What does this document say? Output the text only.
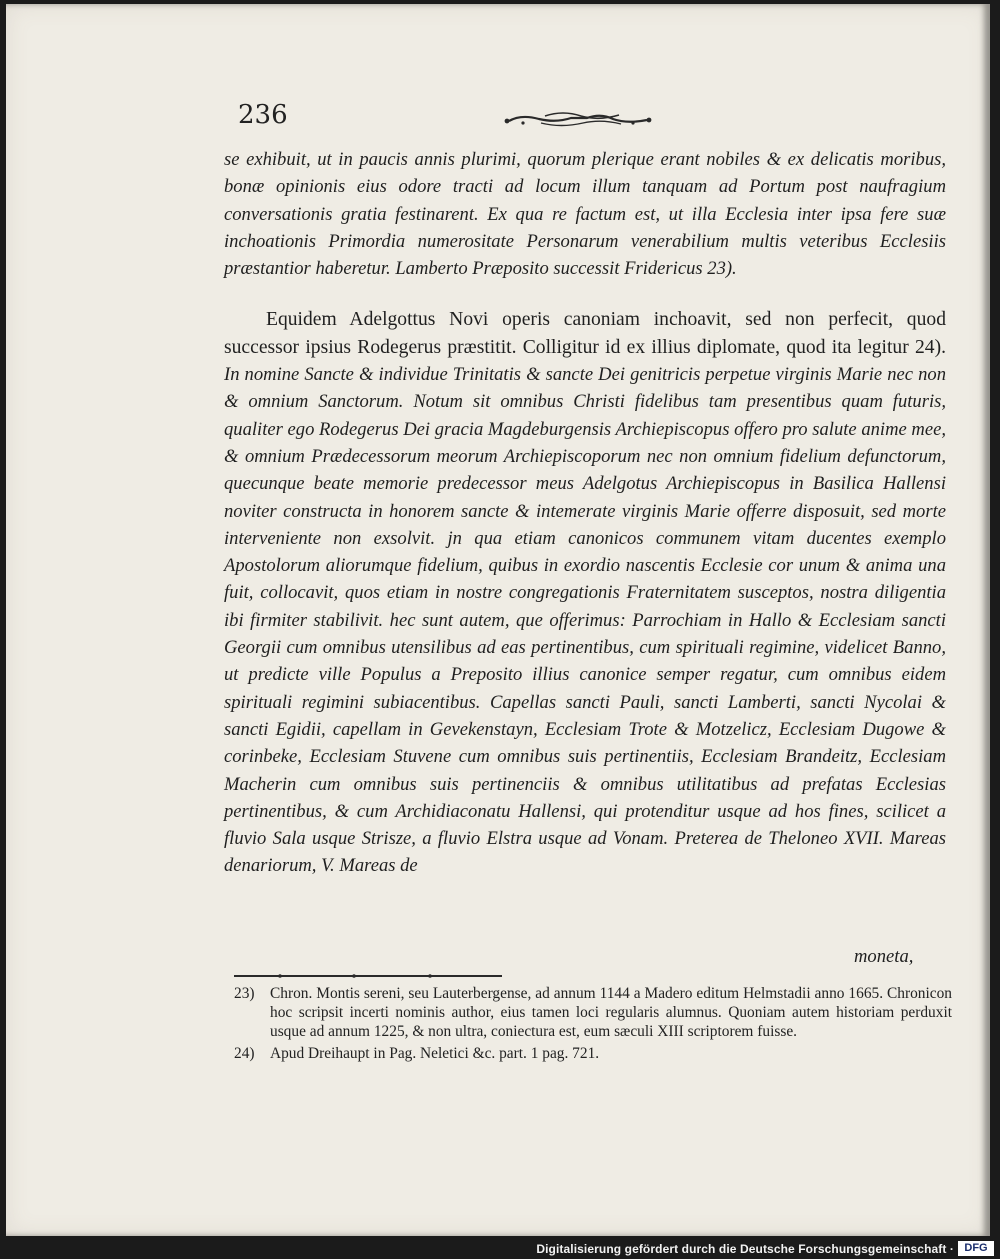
236

se exhibuit, ut in paucis annis plurimi, quorum plerique erant nobiles & ex delicatis moribus, bonæ opinionis eius odore tracti ad locum illum tanquam ad Portum post naufragium conversationis gratia festinarent. Ex qua re factum est, ut illa Ecclesia inter ipsa fere suæ inchoationis Primordia numerositate Personarum venerabilium multis veteribus Ecclesiis præstantior haberetur. Lamberto Præposito successit Fridericus 23).

Equidem Adelgottus Novi operis canoniam inchoavit, sed non perfecit, quod successor ipsius Rodegerus præstitit. Colligitur id ex illius diplomate, quod ita legitur 24). In nomine Sancte & individue Trinitatis & sancte Dei genitricis perpetue virginis Marie nec non & omnium Sanctorum. Notum sit omnibus Christi fidelibus tam presentibus quam futuris, qualiter ego Rodegerus Dei gracia Magdeburgensis Archiepiscopus offero pro salute anime mee, & omnium Prædecessorum meorum Archiepiscoporum nec non omnium fidelium defunctorum, quecunque beate memorie predecessor meus Adelgotus Archiepiscopus in Basilica Hallensi noviter constructa in honorem sancte & intemerate virginis Marie offerre disposuit, sed morte interveniente non exsolvit. jn qua etiam canonicos communem vitam ducentes exemplo Apostolorum aliorumque fidelium, quibus in exordio nascentis Ecclesie cor unum & anima una fuit, collocavit, quos etiam in nostre congregationis Fraternitatem susceptos, nostra diligentia ibi firmiter stabilivit. hec sunt autem, que offerimus: Parrochiam in Hallo & Ecclesiam sancti Georgii cum omnibus utensilibus ad eas pertinentibus, cum spirituali regimine, videlicet Banno, ut predicte ville Populus a Preposito illius canonice semper regatur, cum omnibus eidem spirituali regimini subiacentibus. Capellas sancti Pauli, sancti Lamberti, sancti Nycolai & sancti Egidii, capellam in Gevekenstayn, Ecclesiam Trote & Motzelicz, Ecclesiam Dugowe & corinbeke, Ecclesiam Stuvene cum omnibus suis pertinentiis, Ecclesiam Brandeitz, Ecclesiam Macherin cum omnibus suis pertinenciis & omnibus utilitatibus ad prefatas Ecclesias pertinentibus, & cum Archidiaconatu Hallensi, qui protenditur usque ad hos fines, scilicet a fluvio Sala usque Strisze, a fluvio Elstra usque ad Vonam. Preterea de Theloneo XVII. Mareas denariorum, V. Mareas de

moneta,
23)	Chron. Montis sereni, seu Lauterbergense, ad annum 1144 a Madero editum Helmstadii anno 1665. Chronicon hoc scripsit incerti nominis author, eius tamen loci regularis alumnus. Quoniam autem historiam perduxit usque ad annum 1225, & non ultra, coniectura est, eum sæculi XIII scriptorem fuisse.
24)	Apud Dreihaupt in Pag. Neletici &c. part. 1 pag. 721.
Digitalisierung gefördert durch die Deutsche Forschungsgemeinschaft · DFG
